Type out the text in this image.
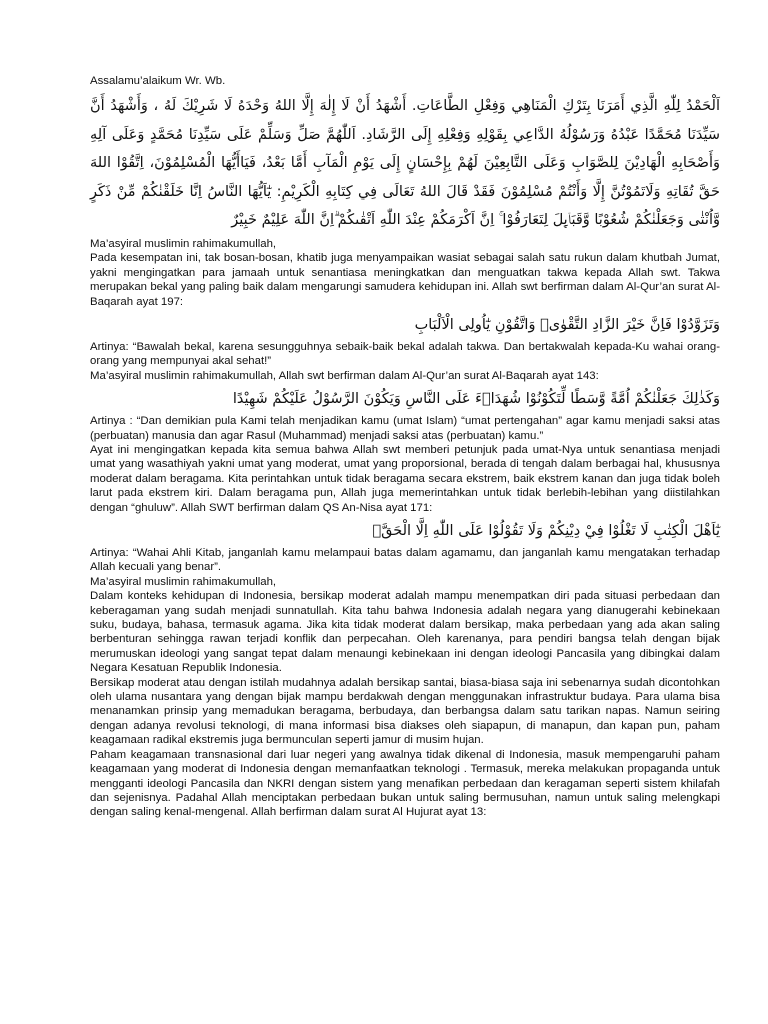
Assalamu’alaikum Wr. Wb.

اَلْحَمْدُ لِلّٰهِ الَّذِي أَمَرَنَا بِتَرْكِ الْمَنَاهِي وَفِعْلِ الطَّاعَاتِ. أَشْهَدُ أَنْ لَا إِلٰهَ إِلَّا اللهُ وَحْدَهُ لَا شَرِيْكَ لَهُ ، وَأَشْهَدُ أَنَّ سَيِّدَنَا مُحَمَّدًا عَبْدُهُ وَرَسُوْلُهُ الدَّاعِي بِقَوْلِهِ وَفِعْلِهِ إِلَى الرَّشَادِ. اَللّٰهُمَّ صَلِّ وَسَلِّمْ عَلَى سَيِّدِنَا مُحَمَّدٍ وَعَلَى آلِهِ وَأَصْحَابِهِ الْهَادِيْنَ لِلصَّوَابِ وَعَلَى التَّابِعِيْنَ لَهُمْ بِإِحْسَانٍ إِلَى يَوْمِ الْمَآبِ أَمَّا بَعْدُ، فَيَاأَيُّهَا الْمُسْلِمُوْنَ، اِتَّقُوْا اللهَ حَقَّ تُقَاتِهِ وَلَاتَمُوْتُنَّ إِلَّا وَأَنْتُمْ مُسْلِمُوْنَ فَقَدْ قَالَ اللهُ تَعَالَى فِي كِتَابِهِ الْكَرِيْمِ: يٰٓاَيُّهَا النَّاسُ اِنَّا خَلَقْنٰكُمْ مِّنْ ذَكَرٍ وَّاُنْثٰى وَجَعَلْنٰكُمْ شُعُوْبًا وَّقَبَاۤىِٕلَ لِتَعَارَفُوْا ۚ اِنَّ اَكْرَمَكُمْ عِنْدَ اللّٰهِ اَتْقٰىكُمْ ۗاِنَّ اللّٰهَ عَلِيْمٌ خَبِيْرٌ

Ma’asyiral muslimin rahimakumullah,

Pada kesempatan ini, tak bosan-bosan, khatib juga menyampaikan wasiat sebagai salah satu rukun dalam khutbah Jumat, yakni mengingatkan para jamaah untuk senantiasa meningkatkan dan menguatkan takwa kepada Allah swt. Takwa merupakan bekal yang paling baik dalam mengarungi samudera kehidupan ini. Allah swt berfirman dalam Al-Qur’an surat Al-Baqarah ayat 197:

وَتَزَوَّدُوْا فَاِنَّ خَيْرَ الزَّادِ التَّقْوٰىۖ وَاتَّقُوْنِ يٰٓاُولِى الْاَلْبَابِ

Artinya: “Bawalah bekal, karena sesungguhnya sebaik-baik bekal adalah takwa. Dan bertakwalah kepada-Ku wahai orang-orang yang mempunyai akal sehat!”

Ma’asyiral muslimin rahimakumullah, Allah swt berfirman dalam Al-Qur’an surat Al-Baqarah ayat 143:

وَكَذٰلِكَ جَعَلْنٰكُمْ اُمَّةً وَّسَطًا لِّتَكُوْنُوْا شُهَدَاۤءَ عَلَى النَّاسِ وَيَكُوْنَ الرَّسُوْلُ عَلَيْكُمْ شَهِيْدًا

Artinya : “Dan demikian pula Kami telah menjadikan kamu (umat Islam) “umat pertengahan” agar kamu menjadi saksi atas (perbuatan) manusia dan agar Rasul (Muhammad) menjadi saksi atas (perbuatan) kamu.”

Ayat ini mengingatkan kepada kita semua bahwa Allah swt memberi petunjuk pada umat-Nya untuk senantiasa menjadi umat yang wasathiyah yakni umat yang moderat, umat yang proporsional, berada di tengah dalam berbagai hal, khususnya moderat dalam beragama. Kita perintahkan untuk tidak beragama secara ekstrem, baik ekstrem kanan dan juga tidak boleh larut pada ekstrem kiri. Dalam beragama pun, Allah juga memerintahkan untuk tidak berlebih-lebihan yang diistilahkan dengan “ghuluw”. Allah SWT berfirman dalam QS An-Nisa ayat 171:

يٰٓاَهْلَ الْكِتٰبِ لَا تَغْلُوْا فِيْ دِيْنِكُمْ وَلَا تَقُوْلُوْا عَلَى اللّٰهِ اِلَّا الْحَقَّۗ

Artinya: “Wahai Ahli Kitab, janganlah kamu melampaui batas dalam agamamu, dan janganlah kamu mengatakan terhadap Allah kecuali yang benar”.

Ma’asyiral muslimin rahimakumullah,

Dalam konteks kehidupan di Indonesia, bersikap moderat adalah mampu menempatkan diri pada situasi perbedaan dan keberagaman yang sudah menjadi sunnatullah. Kita tahu bahwa Indonesia adalah negara yang dianugerahi kebinekaan suku, budaya, bahasa, termasuk agama. Jika kita tidak moderat dalam bersikap, maka perbedaan yang ada akan saling berbenturan sehingga rawan terjadi konflik dan perpecahan. Oleh karenanya, para pendiri bangsa telah dengan bijak merumuskan ideologi yang sangat tepat dalam menaungi kebinekaan ini dengan ideologi Pancasila yang dibingkai dalam Negara Kesatuan Republik Indonesia.

Bersikap moderat atau dengan istilah mudahnya adalah bersikap santai, biasa-biasa saja ini sebenarnya sudah dicontohkan oleh ulama nusantara yang dengan bijak mampu berdakwah dengan menggunakan infrastruktur budaya. Para ulama bisa menanamkan prinsip yang memadukan beragama, berbudaya, dan berbangsa dalam satu tarikan napas. Namun seiring dengan adanya revolusi teknologi, di mana informasi bisa diakses oleh siapapun, di manapun, dan kapan pun, paham keagamaan radikal ekstremis juga bermunculan seperti jamur di musim hujan.

Paham keagamaan transnasional dari luar negeri yang awalnya tidak dikenal di Indonesia, masuk mempengaruhi paham keagamaan yang moderat di Indonesia dengan memanfaatkan teknologi . Termasuk, mereka melakukan propaganda untuk mengganti ideologi Pancasila dan NKRI dengan sistem yang menafikan perbedaan dan keragaman seperti sistem khilafah dan sejenisnya. Padahal Allah menciptakan perbedaan bukan untuk saling bermusuhan, namun untuk saling melengkapi dengan saling kenal-mengenal. Allah berfirman dalam surat Al Hujurat ayat 13:
